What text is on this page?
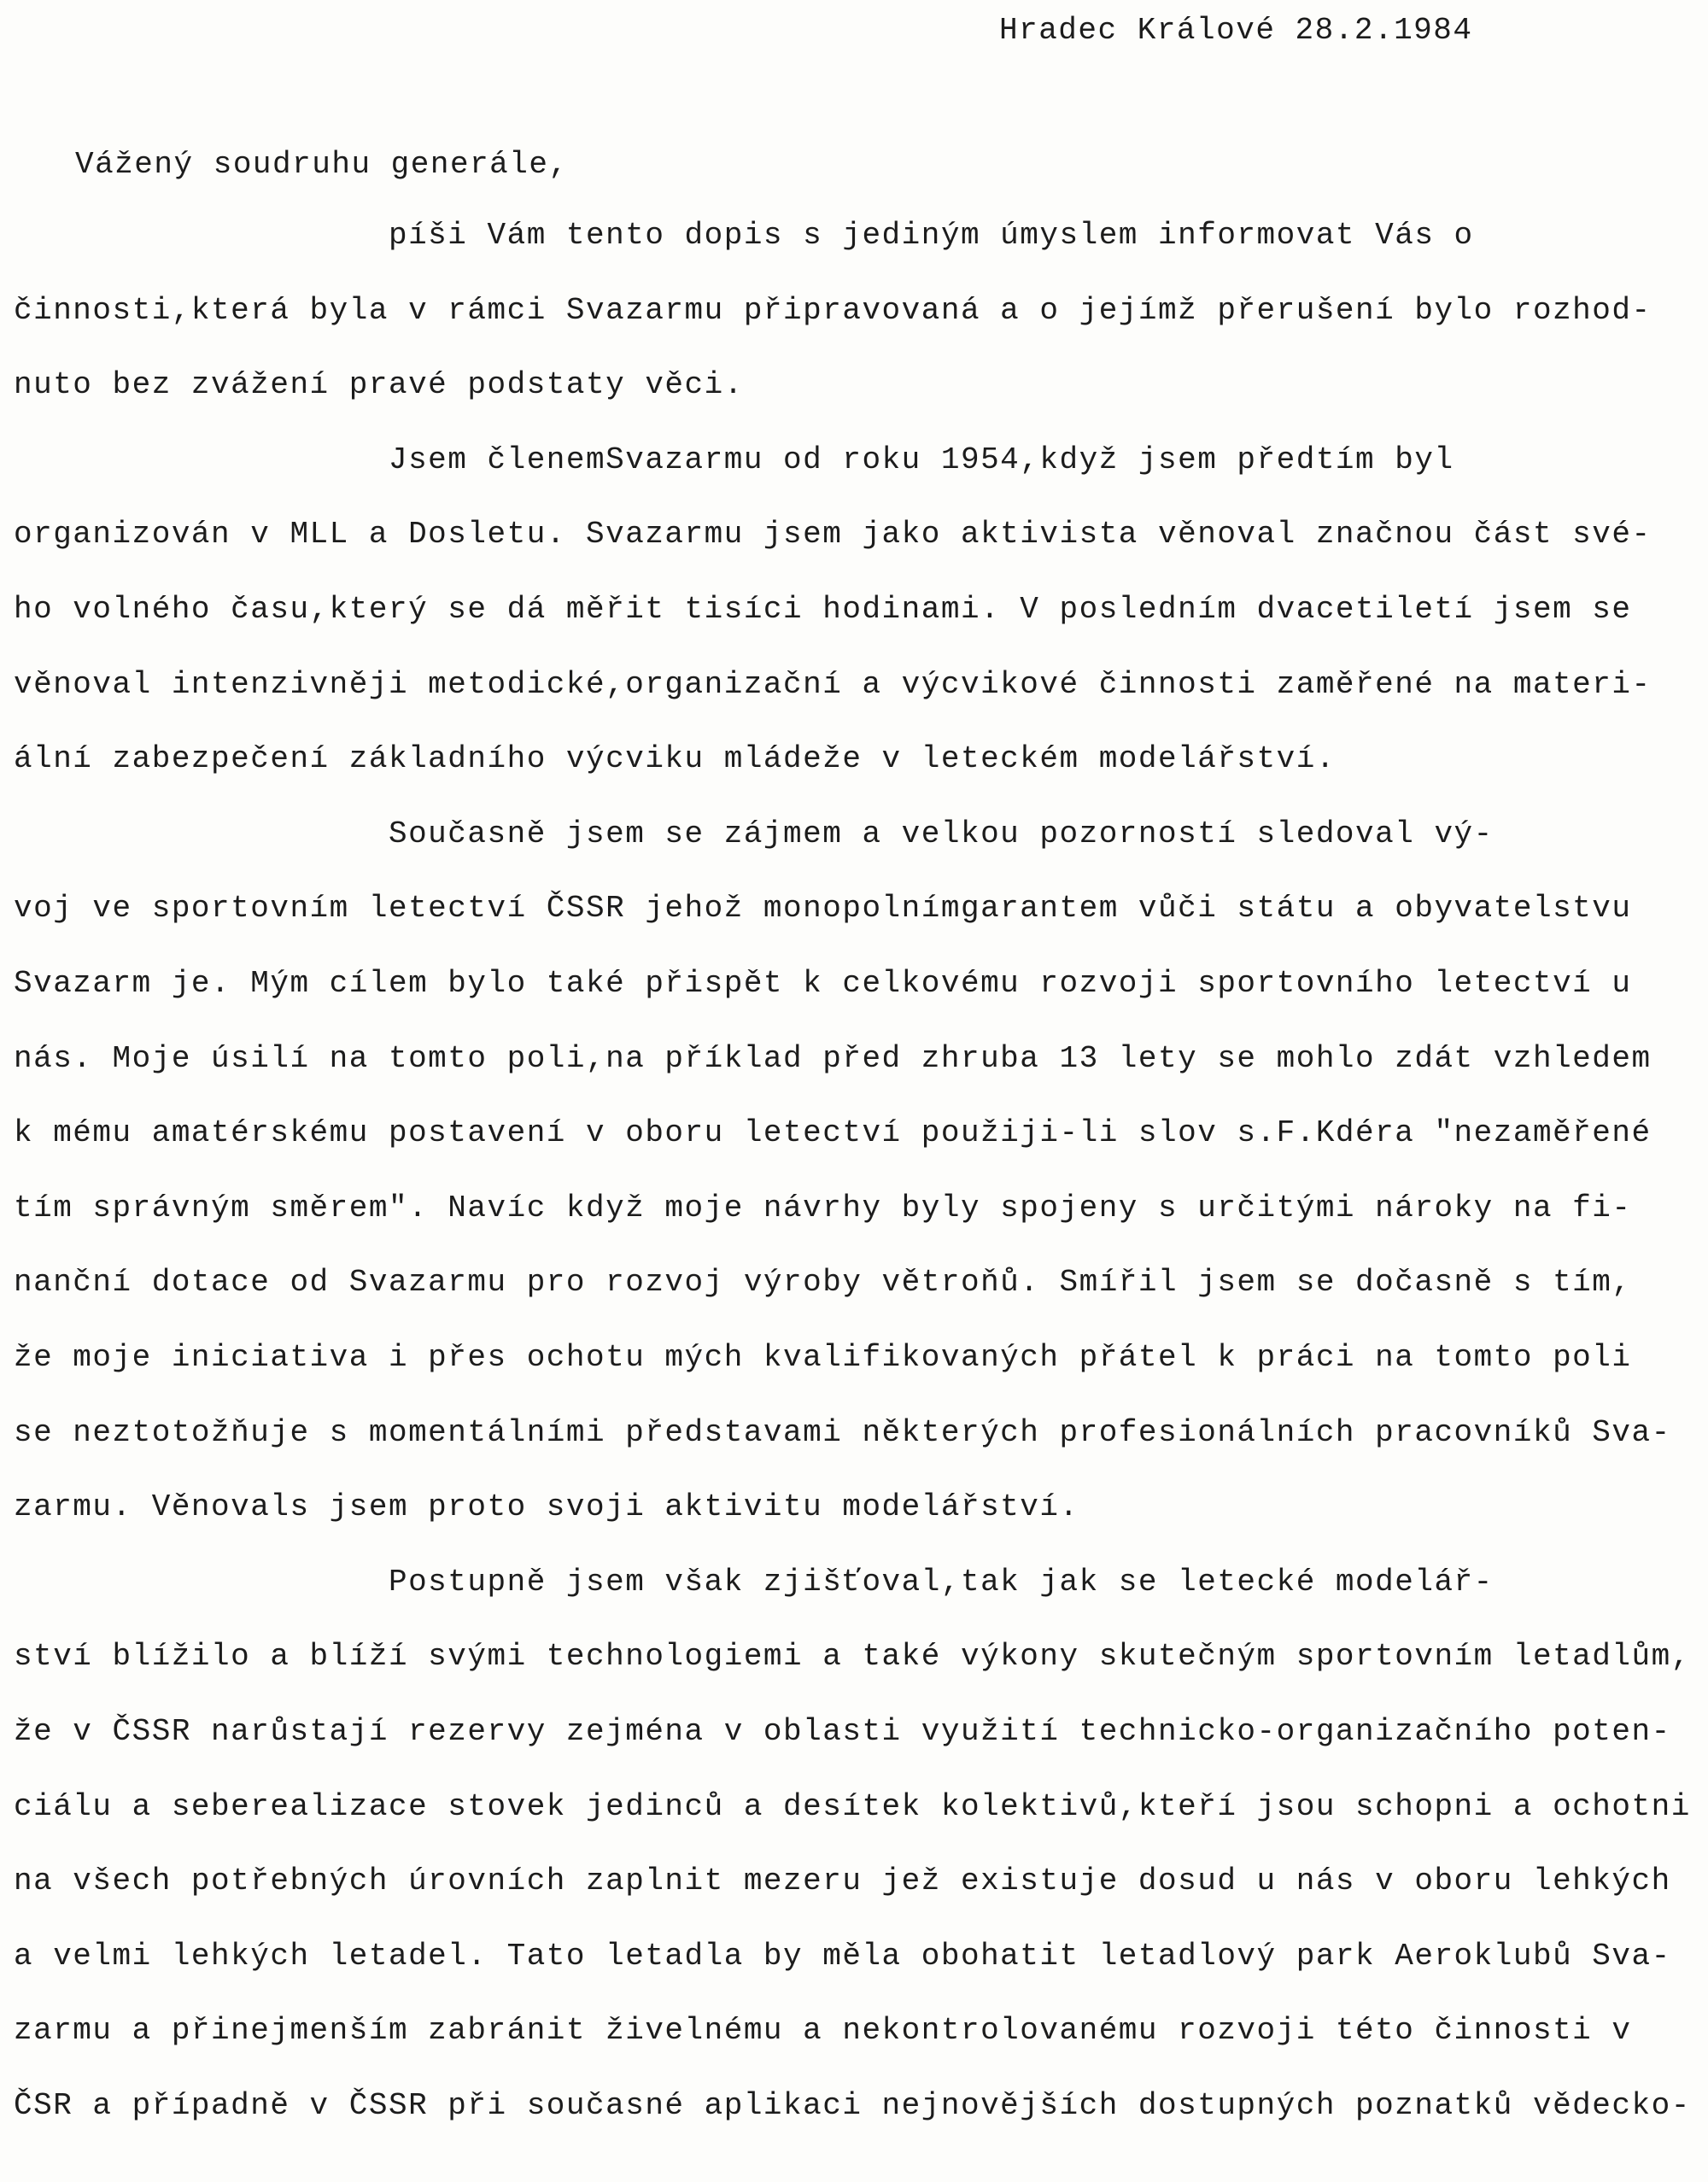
Hradec Králové 28.2.1984
Vážený soudruhu generále,
píši Vám tento dopis s jediným úmyslem informovat Vás o
činnosti,která byla v rámci Svazarmu připravovaná a o jejímž přerušení bylo rozhod-
nuto bez zvážení pravé podstaty věci.
Jsem členemSvazarmu od roku 1954,když jsem předtím byl
organizován v MLL a Dosletu. Svazarmu jsem jako aktivista věnoval značnou část své-
ho volného času,který se dá měřit tisíci hodinami. V posledním dvacetiletí jsem se
věnoval intenzivněji metodické,organizační a výcvikové činnosti zaměřené na materi-
ální zabezpečení základního výcviku mládeže v leteckém modelářství.
Současně jsem se zájmem a velkou pozorností sledoval vý-
voj ve sportovním letectví ČSSR jehož monopolnímgarantem vůči státu a obyvatelstvu
Svazarm je. Mým cílem bylo také přispět k celkovému rozvoji sportovního letectví u
nás. Moje úsilí na tomto poli,na příklad před zhruba 13 lety se mohlo zdát vzhledem
k mému amatérskému postavení v oboru letectví použiji-li slov s.F.Kdéra "nezaměřené
tím správným směrem". Navíc když moje návrhy byly spojeny s určitými nároky na fi-
nanční dotace od Svazarmu pro rozvoj výroby větroňů. Smířil jsem se dočasně s tím,
že moje iniciativa i přes ochotu mých kvalifikovaných přátel k práci na tomto poli
se neztotožňuje s momentálními představami některých profesionálních pracovníků Sva-
zarmu. Věnovals jsem proto svoji aktivitu modelářství.
Postupně jsem však zjišťoval,tak jak se letecké modelář-
ství blížilo a blíží svými technologiemi a také výkony skutečným sportovním letadlům,
že v ČSSR narůstají rezervy zejména v oblasti využití technicko-organizačního poten-
ciálu a seberealizace stovek jedinců a desítek kolektivů,kteří jsou schopni a ochotni
na všech potřebných úrovních zaplnit mezeru jež existuje dosud u nás v oboru lehkých
a velmi lehkých letadel. Tato letadla by měla obohatit letadlový park Aeroklubů Sva-
zarmu a přinejmenším zabránit živelnému a nekontrolovanému rozvoji této činnosti v
ČSR a případně v ČSSR při současné aplikaci nejnovějších dostupných poznatků vědecko-
